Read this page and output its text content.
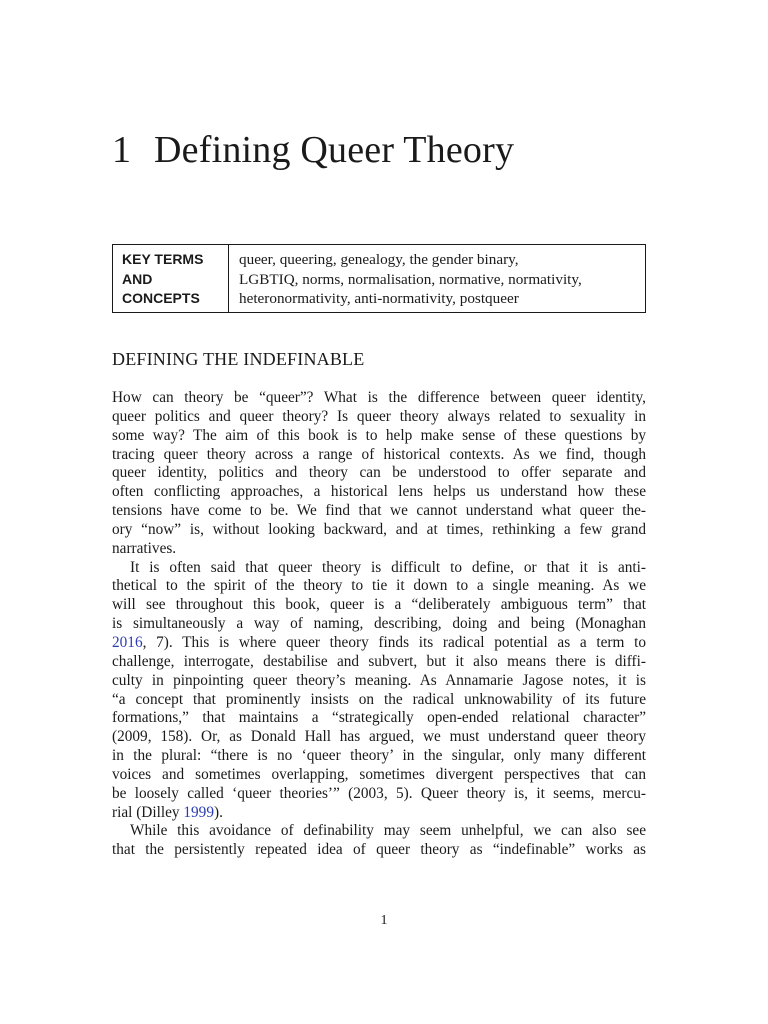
1 Defining Queer Theory
KEY TERMS
AND
CONCEPTS
queer, queering, genealogy, the gender binary,
LGBTIQ, norms, normalisation, normative, normativity,
heteronormativity, anti-normativity, postqueer
DEFINING THE INDEFINABLE
How can theory be “queer”? What is the difference between queer identity,
queer politics and queer theory? Is queer theory always related to sexuality in
some way? The aim of this book is to help make sense of these questions by
tracing queer theory across a range of historical contexts. As we find, though
queer identity, politics and theory can be understood to offer separate and
often conflicting approaches, a historical lens helps us understand how these
tensions have come to be. We find that we cannot understand what queer the-
ory “now” is, without looking backward, and at times, rethinking a few grand
narratives.
It is often said that queer theory is difficult to define, or that it is anti-
thetical to the spirit of the theory to tie it down to a single meaning. As we
will see throughout this book, queer is a “deliberately ambiguous term” that
is simultaneously a way of naming, describing, doing and being (Monaghan
2016, 7). This is where queer theory finds its radical potential as a term to
challenge, interrogate, destabilise and subvert, but it also means there is diffi-
culty in pinpointing queer theory’s meaning. As Annamarie Jagose notes, it is
“a concept that prominently insists on the radical unknowability of its future
formations,” that maintains a “strategically open-ended relational character”
(2009, 158). Or, as Donald Hall has argued, we must understand queer theory
in the plural: “there is no ‘queer theory’ in the singular, only many different
voices and sometimes overlapping, sometimes divergent perspectives that can
be loosely called ‘queer theories’” (2003, 5). Queer theory is, it seems, mercu-
rial (Dilley 1999).
While this avoidance of definability may seem unhelpful, we can also see
that the persistently repeated idea of queer theory as “indefinable” works as
1
